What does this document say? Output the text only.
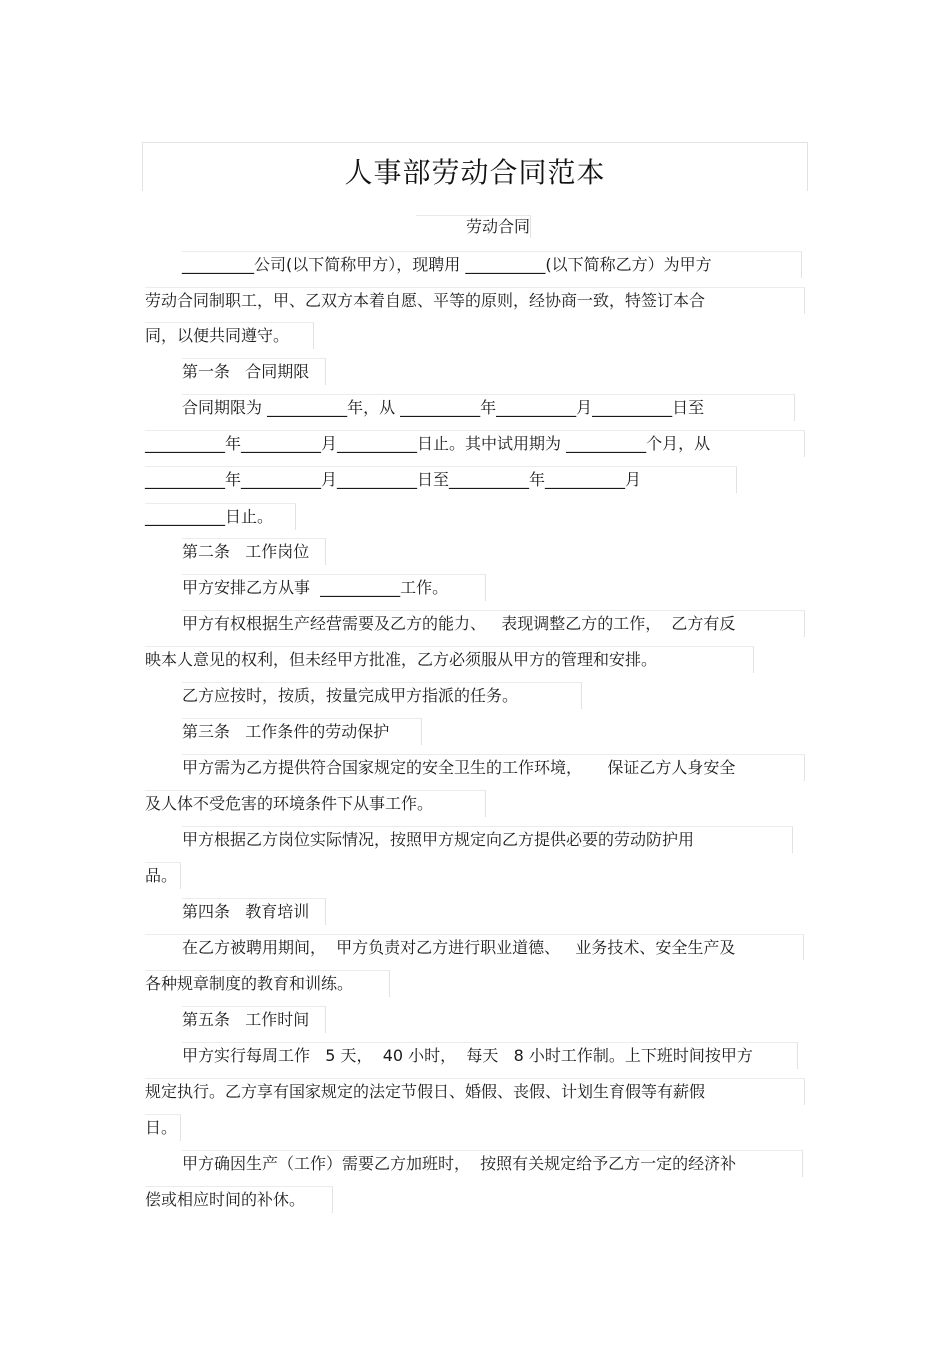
人事部劳动合同范本
劳动合同
_________公司(以下简称甲方），现聘用 __________(以下简称乙方）为甲方
劳动合同制职工，甲、乙双方本着自愿、平等的原则，经协商一致，特签订本合
同，以便共同遵守。
第一条   合同期限
合同期限为 __________年，从 __________年__________月__________日至
__________年__________月__________日止。其中试用期为 __________个月，从
__________年__________月__________日至__________年__________月
__________日止。
第二条   工作岗位
甲方安排乙方从事  __________工作。
甲方有权根据生产经营需要及乙方的能力、   表现调整乙方的工作，  乙方有反
映本人意见的权利，但未经甲方批准，乙方必须服从甲方的管理和安排。
乙方应按时，按质，按量完成甲方指派的任务。
第三条   工作条件的劳动保护
甲方需为乙方提供符合国家规定的安全卫生的工作环境，     保证乙方人身安全
及人体不受危害的环境条件下从事工作。
甲方根据乙方岗位实际情况，按照甲方规定向乙方提供必要的劳动防护用
品。
第四条   教育培训
在乙方被聘用期间，  甲方负责对乙方进行职业道德、   业务技术、安全生产及
各种规章制度的教育和训练。
第五条   工作时间
甲方实行每周工作   5 天，  40 小时，  每天   8 小时工作制。上下班时间按甲方
规定执行。乙方享有国家规定的法定节假日、婚假、丧假、计划生育假等有薪假
日。
甲方确因生产（工作）需要乙方加班时，  按照有关规定给予乙方一定的经济补
偿或相应时间的补休。
